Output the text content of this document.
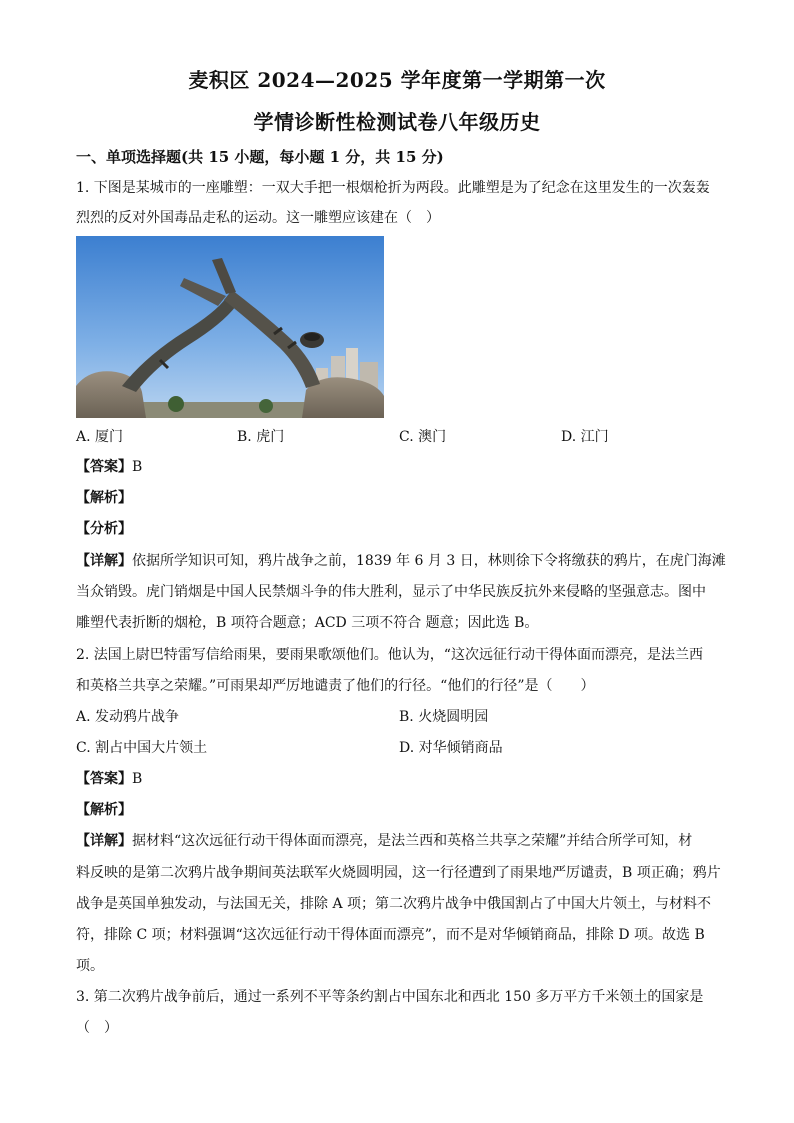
麦积区 2024—2025 学年度第一学期第一次
学情诊断性检测试卷八年级历史
一、单项选择题(共 15 小题，每小题 1 分，共 15 分)
1. 下图是某城市的一座雕塑：一双大手把一根烟枪折为两段。此雕塑是为了纪念在这里发生的一次轰轰
烈烈的反对外国毒品走私的运动。这一雕塑应该建在（　）
A. 厦门	B. 虎门	C. 澳门	D. 江门
【答案】B
【解析】
【分析】
【详解】依据所学知识可知，鸦片战争之前，1839 年 6 月 3 日，林则徐下令将缴获的鸦片，在虎门海滩
当众销毁。虎门销烟是中国人民禁烟斗争的伟大胜利，显示了中华民族反抗外来侵略的坚强意志。图中
雕塑代表折断的烟枪，B 项符合题意；ACD 三项不符合 题意；因此选 B。
2. 法国上尉巴特雷写信给雨果，要雨果歌颂他们。他认为，“这次远征行动干得体面而漂亮，是法兰西
和英格兰共享之荣耀。”可雨果却严厉地谴责了他们的行径。“他们的行径”是（　　）
A. 发动鸦片战争	B. 火烧圆明园
C. 割占中国大片领土	D. 对华倾销商品
【答案】B
【解析】
【详解】据材料“这次远征行动干得体面而漂亮，是法兰西和英格兰共享之荣耀”并结合所学可知，材
料反映的是第二次鸦片战争期间英法联军火烧圆明园，这一行径遭到了雨果地严厉谴责，B 项正确；鸦片
战争是英国单独发动，与法国无关，排除 A 项；第二次鸦片战争中俄国割占了中国大片领土，与材料不
符，排除 C 项；材料强调“这次远征行动干得体面而漂亮”，而不是对华倾销商品，排除 D 项。故选 B
项。
3. 第二次鸦片战争前后，通过一系列不平等条约割占中国东北和西北 150 多万平方千米领土的国家是
（　）
